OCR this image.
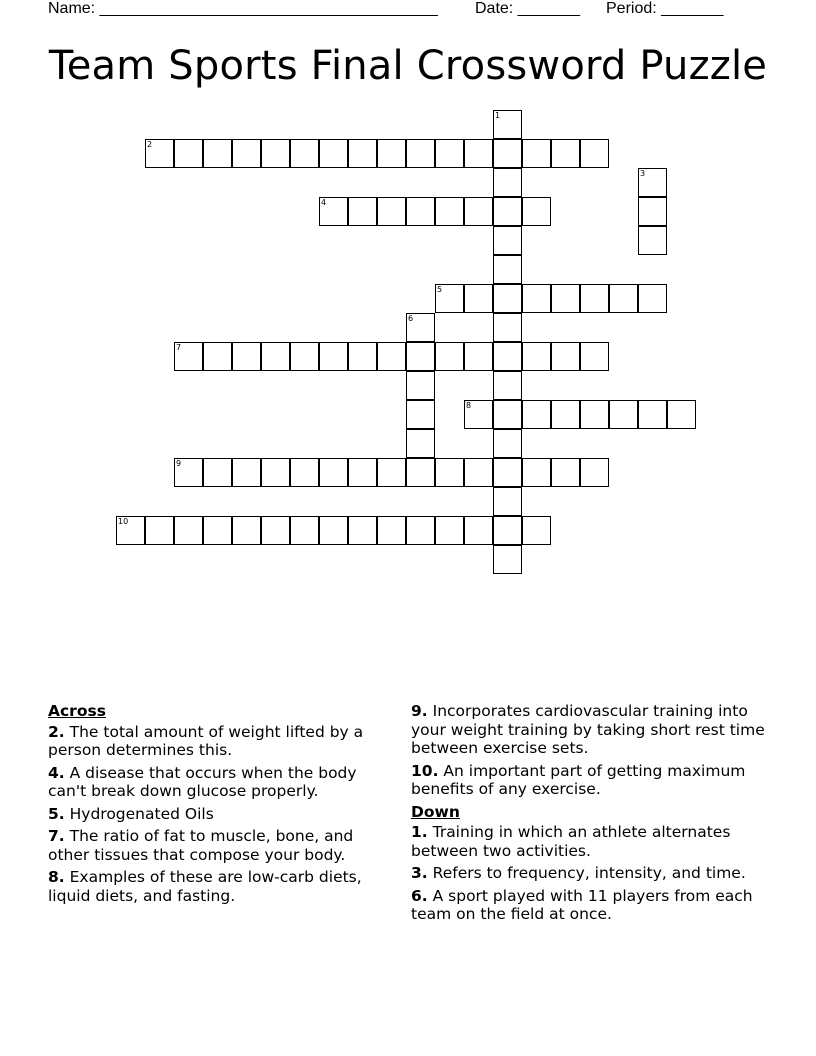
Name: ______________________________________

Date: _______

Period: _______

Team Sports Final Crossword Puzzle
1
2
3
4
5
6
7
8
9
10
Across
2. The total amount of weight lifted by a person determines this.
4. A disease that occurs when the body can't break down glucose properly.
5. Hydrogenated Oils
7. The ratio of fat to muscle, bone, and other tissues that compose your body.
8. Examples of these are low-carb diets, liquid diets, and fasting.
9. Incorporates cardiovascular training into your weight training by taking short rest time between exercise sets.
10. An important part of getting maximum benefits of any exercise.
Down
1. Training in which an athlete alternates between two activities.
3. Refers to frequency, intensity, and time.
6. A sport played with 11 players from each team on the field at once.
